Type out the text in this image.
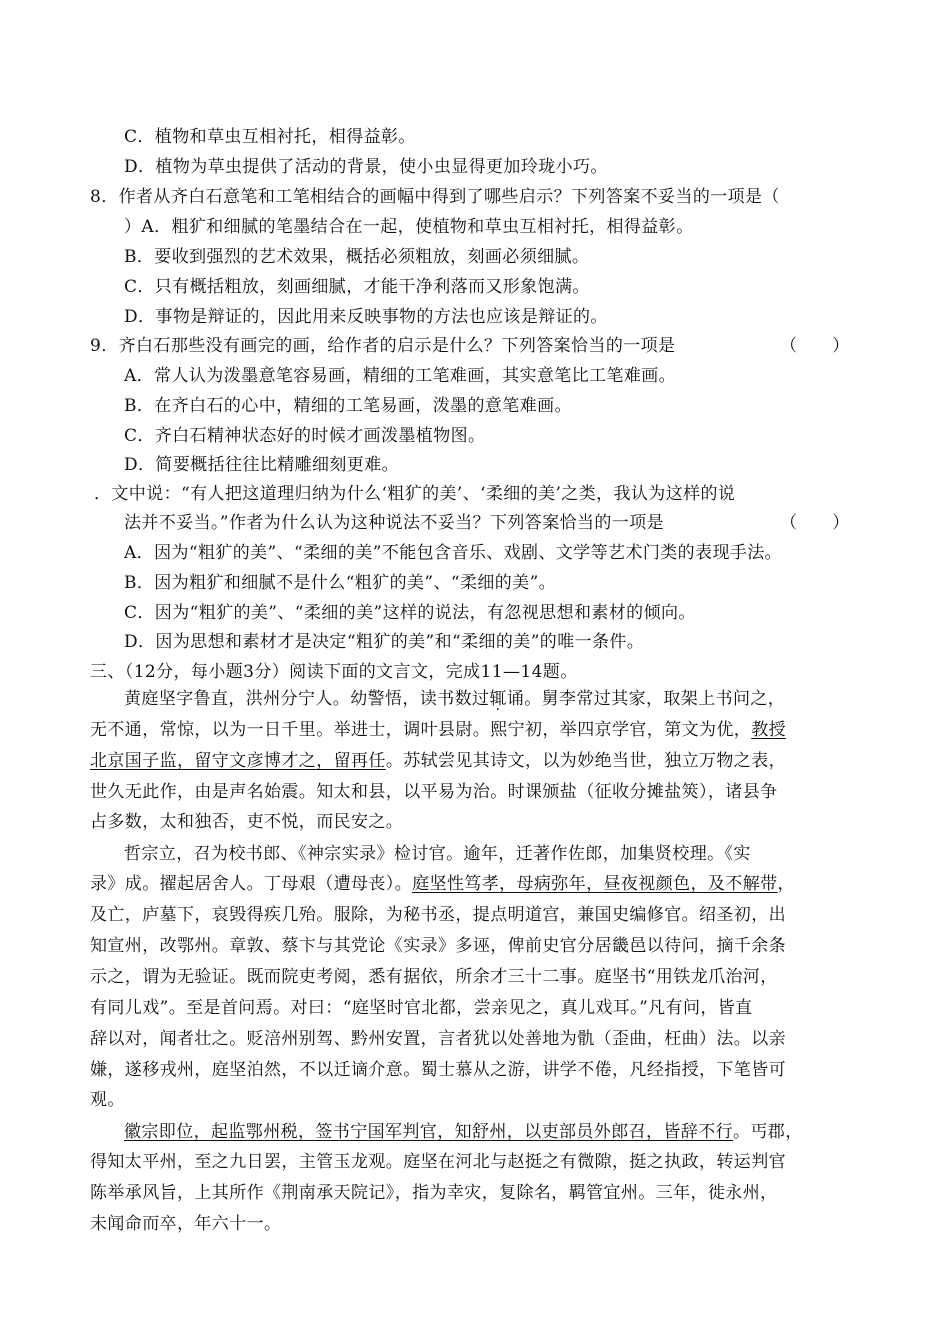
C．植物和草虫互相衬托，相得益彰。
D．植物为草虫提供了活动的背景，使小虫显得更加玲珑小巧。
8．作者从齐白石意笔和工笔相结合的画幅中得到了哪些启示？下列答案不妥当的一项是（
）A．粗犷和细腻的笔墨结合在一起，使植物和草虫互相衬托，相得益彰。
B．要收到强烈的艺术效果，概括必须粗放，刻画必须细腻。
C．只有概括粗放，刻画细腻，才能干净利落而又形象饱满。
D．事物是辩证的，因此用来反映事物的方法也应该是辩证的。
9．齐白石那些没有画完的画，给作者的启示是什么？下列答案恰当的一项是	（　　）
A．常人认为泼墨意笔容易画，精细的工笔难画，其实意笔比工笔难画。
B．在齐白石的心中，精细的工笔易画，泼墨的意笔难画。
C．齐白石精神状态好的时候才画泼墨植物图。
D．简要概括往往比精雕细刻更难。
．文中说：“有人把这道理归纳为什么‘粗犷的美’、‘柔细的美’之类，我认为这样的说
法并不妥当。”作者为什么认为这种说法不妥当？下列答案恰当的一项是	（　　）
A．因为“粗犷的美”、“柔细的美”不能包含音乐、戏剧、文学等艺术门类的表现手法。
B．因为粗犷和细腻不是什么“粗犷的美”、“柔细的美”。
C．因为“粗犷的美”、“柔细的美”这样的说法，有忽视思想和素材的倾向。
D．因为思想和素材才是决定“粗犷的美”和“柔细的美”的唯一条件。
三、（12分，每小题3分）阅读下面的文言文，完成11—14题。
黄庭坚字鲁直，洪州分宁人。幼警悟，读书数过辄诵。舅李常过其家，取架上书问之，
无不通，常惊，以为一日千里。举进士，调叶县尉。熙宁初，举四京学官，第文为优，教授
北京国子监，留守文彦博才之，留再任。苏轼尝见其诗文，以为妙绝当世，独立万物之表，
世久无此作，由是声名始震。知太和县，以平易为治。时课颁盐（征收分摊盐筴），诸县争
占多数，太和独否，吏不悦，而民安之。
哲宗立，召为校书郎、《神宗实录》检讨官。逾年，迁著作佐郎，加集贤校理。《实
录》成。擢起居舍人。丁母艰（遭母丧）。庭坚性笃孝，母病弥年，昼夜视颜色，及不解带，
及亡，庐墓下，哀毁得疾几殆。服除，为秘书丞，提点明道宫，兼国史编修官。绍圣初，出
知宣州，改鄂州。章敦、蔡卞与其党论《实录》多诬，俾前史官分居畿邑以待问，摘千余条
示之，谓为无验证。既而院吏考阅，悉有据依，所余才三十二事。庭坚书“用铁龙爪治河，
有同儿戏”。至是首问焉。对曰：“庭坚时官北都，尝亲见之，真儿戏耳。”凡有问，皆直
辞以对，闻者壮之。贬涪州别驾、黔州安置，言者犹以处善地为骩（歪曲，枉曲）法。以亲
嫌，遂移戎州，庭坚泊然，不以迁谪介意。蜀士慕从之游，讲学不倦，凡经指授，下笔皆可
观。
徽宗即位，起监鄂州税，签书宁国军判官，知舒州，以吏部员外郎召，皆辞不行。丐郡，
得知太平州，至之九日罢，主管玉龙观。庭坚在河北与赵挺之有微隙，挺之执政，转运判官
陈举承风旨，上其所作《荆南承天院记》，指为幸灾，复除名，羁管宜州。三年，徙永州，
未闻命而卒，年六十一。
